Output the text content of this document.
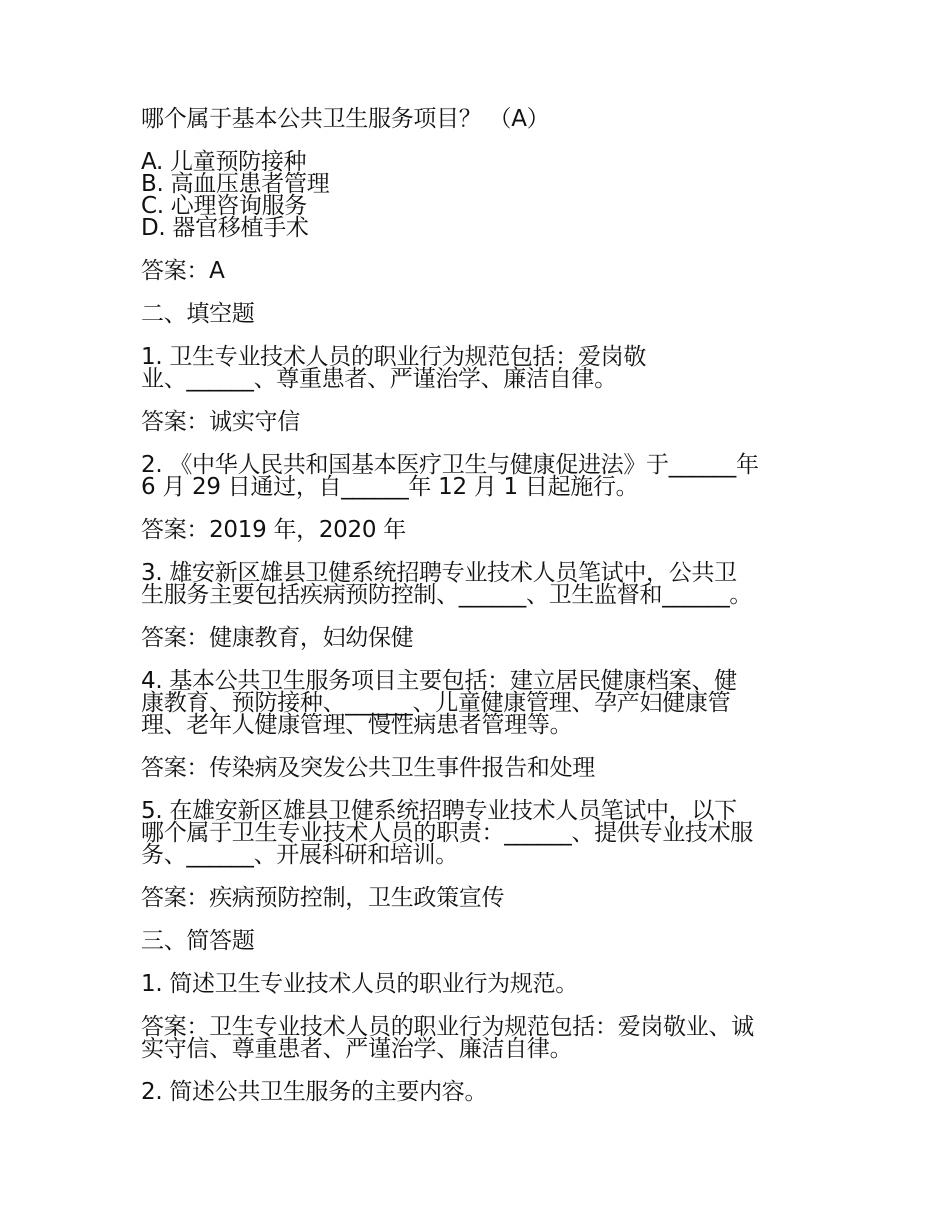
哪个属于基本公共卫生服务项目？ （A）

A. 儿童预防接种
B. 高血压患者管理
C. 心理咨询服务
D. 器官移植手术

答案：A

二、填空题

1. 卫生专业技术人员的职业行为规范包括：爱岗敬
业、______、尊重患者、严谨治学、廉洁自律。

答案：诚实守信

2. 《中华人民共和国基本医疗卫生与健康促进法》于______年
6 月 29 日通过，自______年 12 月 1 日起施行。

答案：2019 年，2020 年

3. 雄安新区雄县卫健系统招聘专业技术人员笔试中，公共卫
生服务主要包括疾病预防控制、______、卫生监督和______。

答案：健康教育，妇幼保健

4. 基本公共卫生服务项目主要包括：建立居民健康档案、健
康教育、预防接种、______、儿童健康管理、孕产妇健康管
理、老年人健康管理、慢性病患者管理等。

答案：传染病及突发公共卫生事件报告和处理

5. 在雄安新区雄县卫健系统招聘专业技术人员笔试中，以下
哪个属于卫生专业技术人员的职责：______、提供专业技术服
务、______、开展科研和培训。

答案：疾病预防控制，卫生政策宣传

三、简答题

1. 简述卫生专业技术人员的职业行为规范。

答案：卫生专业技术人员的职业行为规范包括：爱岗敬业、诚
实守信、尊重患者、严谨治学、廉洁自律。

2. 简述公共卫生服务的主要内容。
